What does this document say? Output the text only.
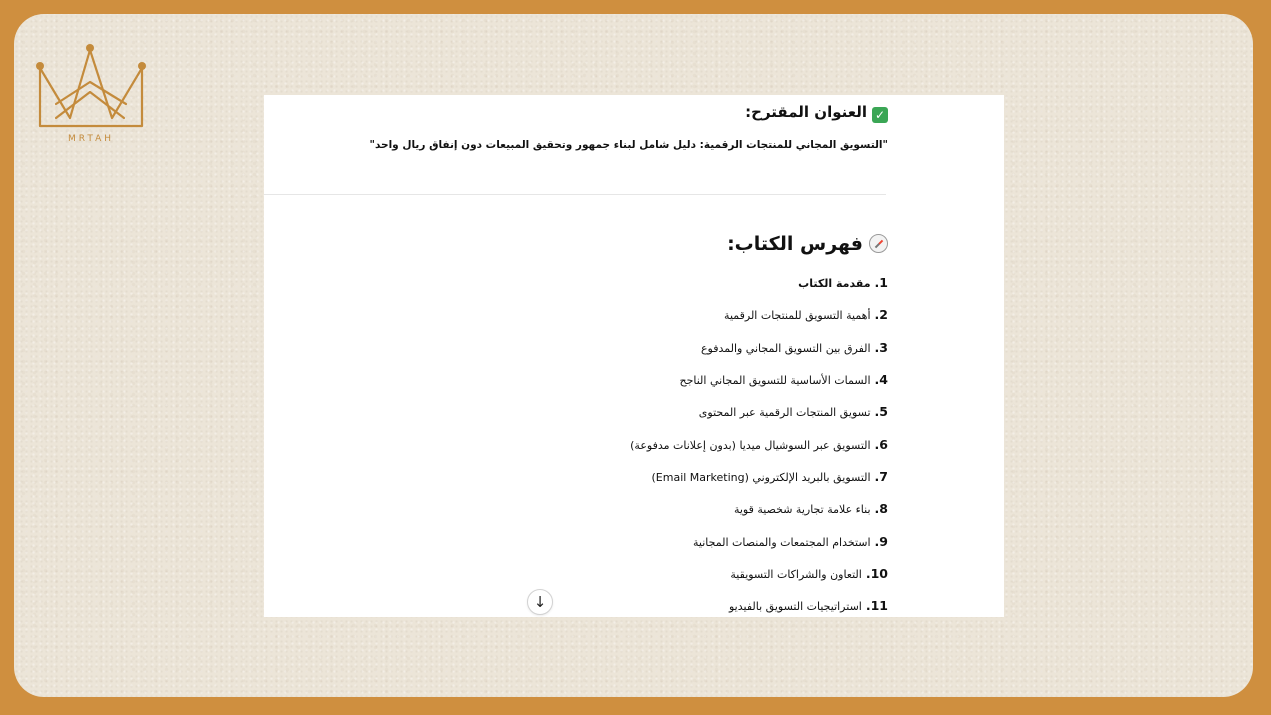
MRTAH
✓العنوان المقترح:
"التسويق المجاني للمنتجات الرقمية: دليل شامل لبناء جمهور وتحقيق المبيعات دون إنفاق ريال واحد"
فهرس الكتاب:
1.مقدمة الكتاب
2.أهمية التسويق للمنتجات الرقمية
3.الفرق بين التسويق المجاني والمدفوع
4.السمات الأساسية للتسويق المجاني الناجح
5.تسويق المنتجات الرقمية عبر المحتوى
6.التسويق عبر السوشيال ميديا (بدون إعلانات مدفوعة)
7.التسويق بالبريد الإلكتروني (Email Marketing)
8.بناء علامة تجارية شخصية قوية
9.استخدام المجتمعات والمنصات المجانية
10.التعاون والشراكات التسويقية
11.استراتيجيات التسويق بالفيديو
↓
